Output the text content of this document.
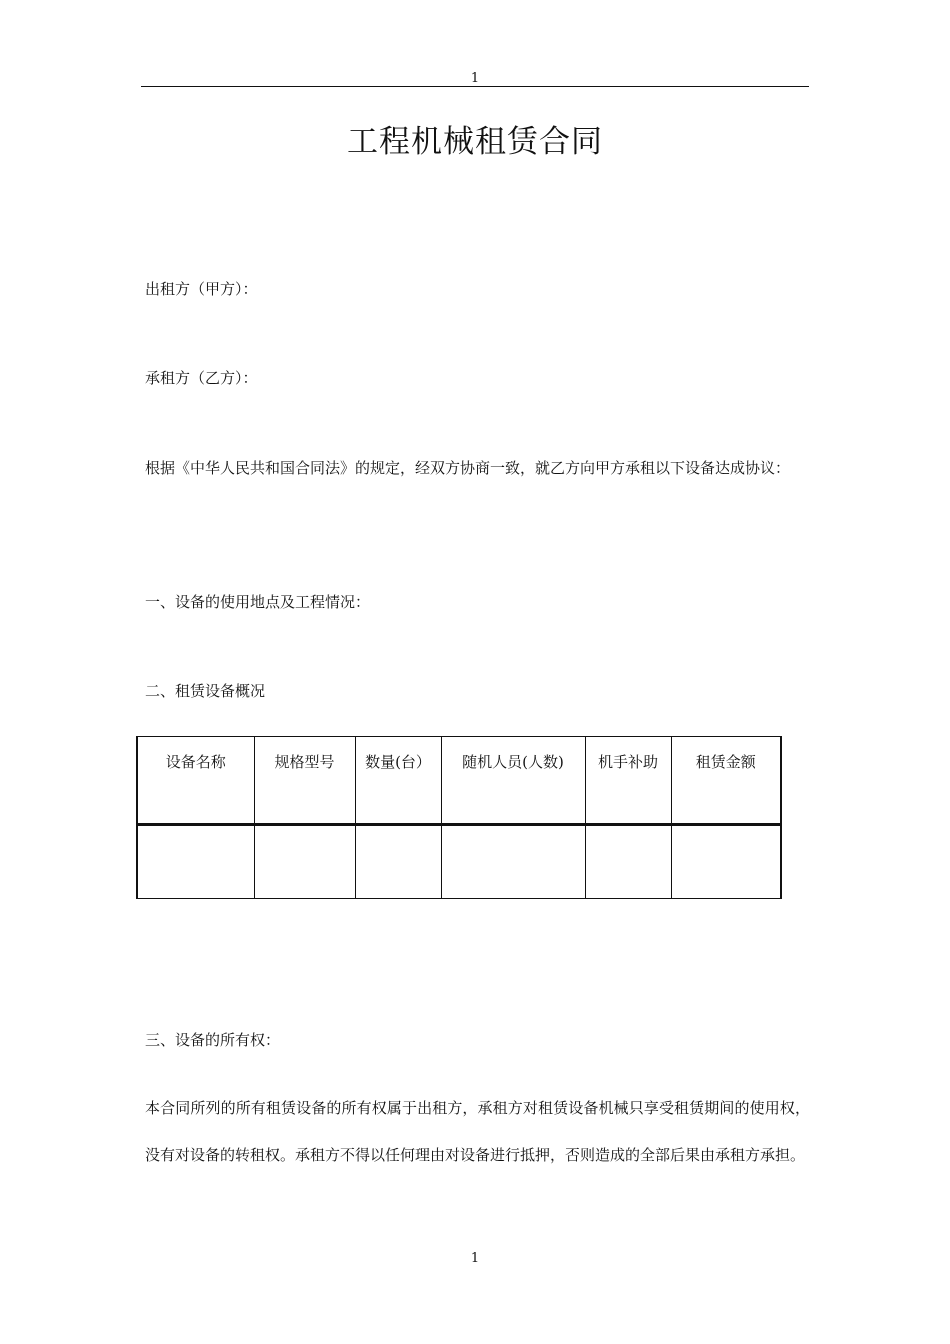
1
工程机械租赁合同
出租方（甲方）：
承租方（乙方）：
根据《中华人民共和国合同法》的规定，经双方协商一致，就乙方向甲方承租以下设备达成协议：
一、设备的使用地点及工程情况：
二、租赁设备概况
设备名称	规格型号	数量(台）	随机人员(人数)	机手补助	租赁金额

三、设备的所有权：
本合同所列的所有租赁设备的所有权属于出租方，承租方对租赁设备机械只享受租赁期间的使用权，没有对设备的转租权。承租方不得以任何理由对设备进行抵押，否则造成的全部后果由承租方承担。
1
